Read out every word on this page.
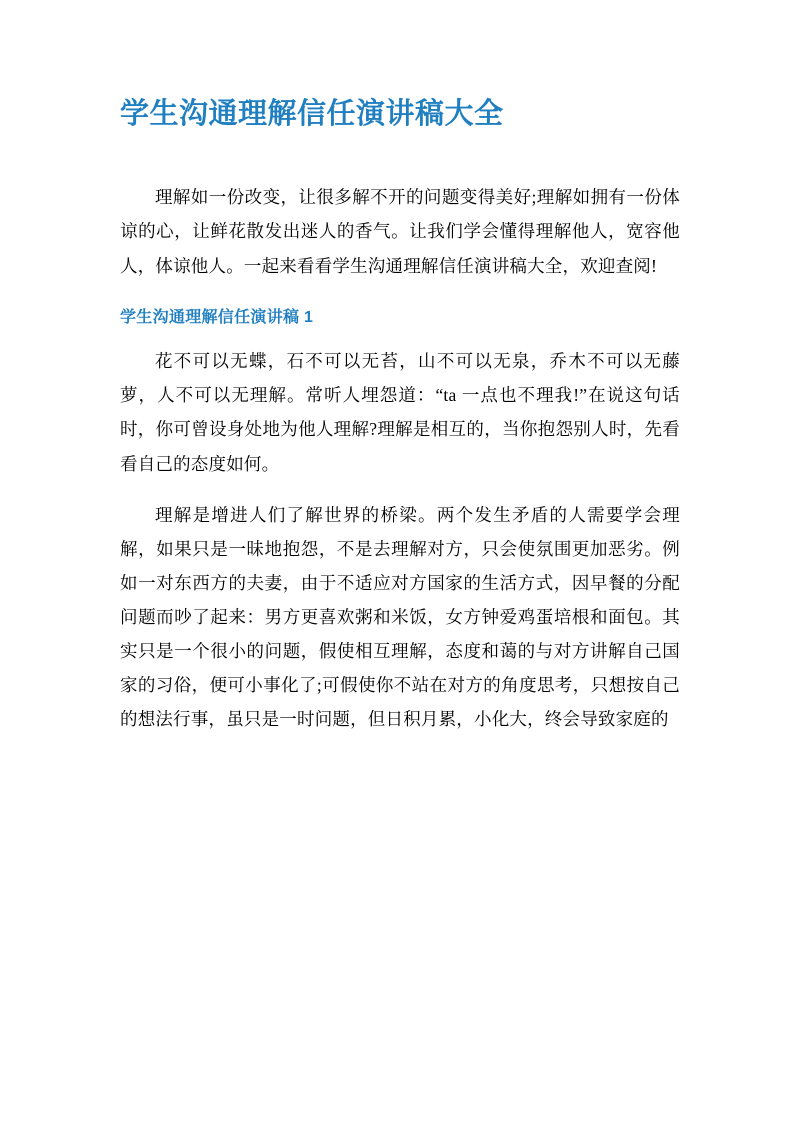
学生沟通理解信任演讲稿大全

理解如一份改变，让很多解不开的问题变得美好;理解如拥有一份体谅的心，让鲜花散发出迷人的香气。让我们学会懂得理解他人，宽容他人，体谅他人。一起来看看学生沟通理解信任演讲稿大全，欢迎查阅!

学生沟通理解信任演讲稿 1

花不可以无蝶，石不可以无苔，山不可以无泉，乔木不可以无藤萝，人不可以无理解。常听人埋怨道：“ta 一点也不理我!”在说这句话时，你可曾设身处地为他人理解?理解是相互的，当你抱怨别人时，先看看自己的态度如何。

理解是增进人们了解世界的桥梁。两个发生矛盾的人需要学会理解，如果只是一昧地抱怨，不是去理解对方，只会使氛围更加恶劣。例如一对东西方的夫妻，由于不适应对方国家的生活方式，因早餐的分配问题而吵了起来：男方更喜欢粥和米饭，女方钟爱鸡蛋培根和面包。其实只是一个很小的问题，假使相互理解，态度和蔼的与对方讲解自己国家的习俗，便可小事化了;可假使你不站在对方的角度思考，只想按自己的想法行事，虽只是一时问题，但日积月累，小化大，终会导致家庭的
